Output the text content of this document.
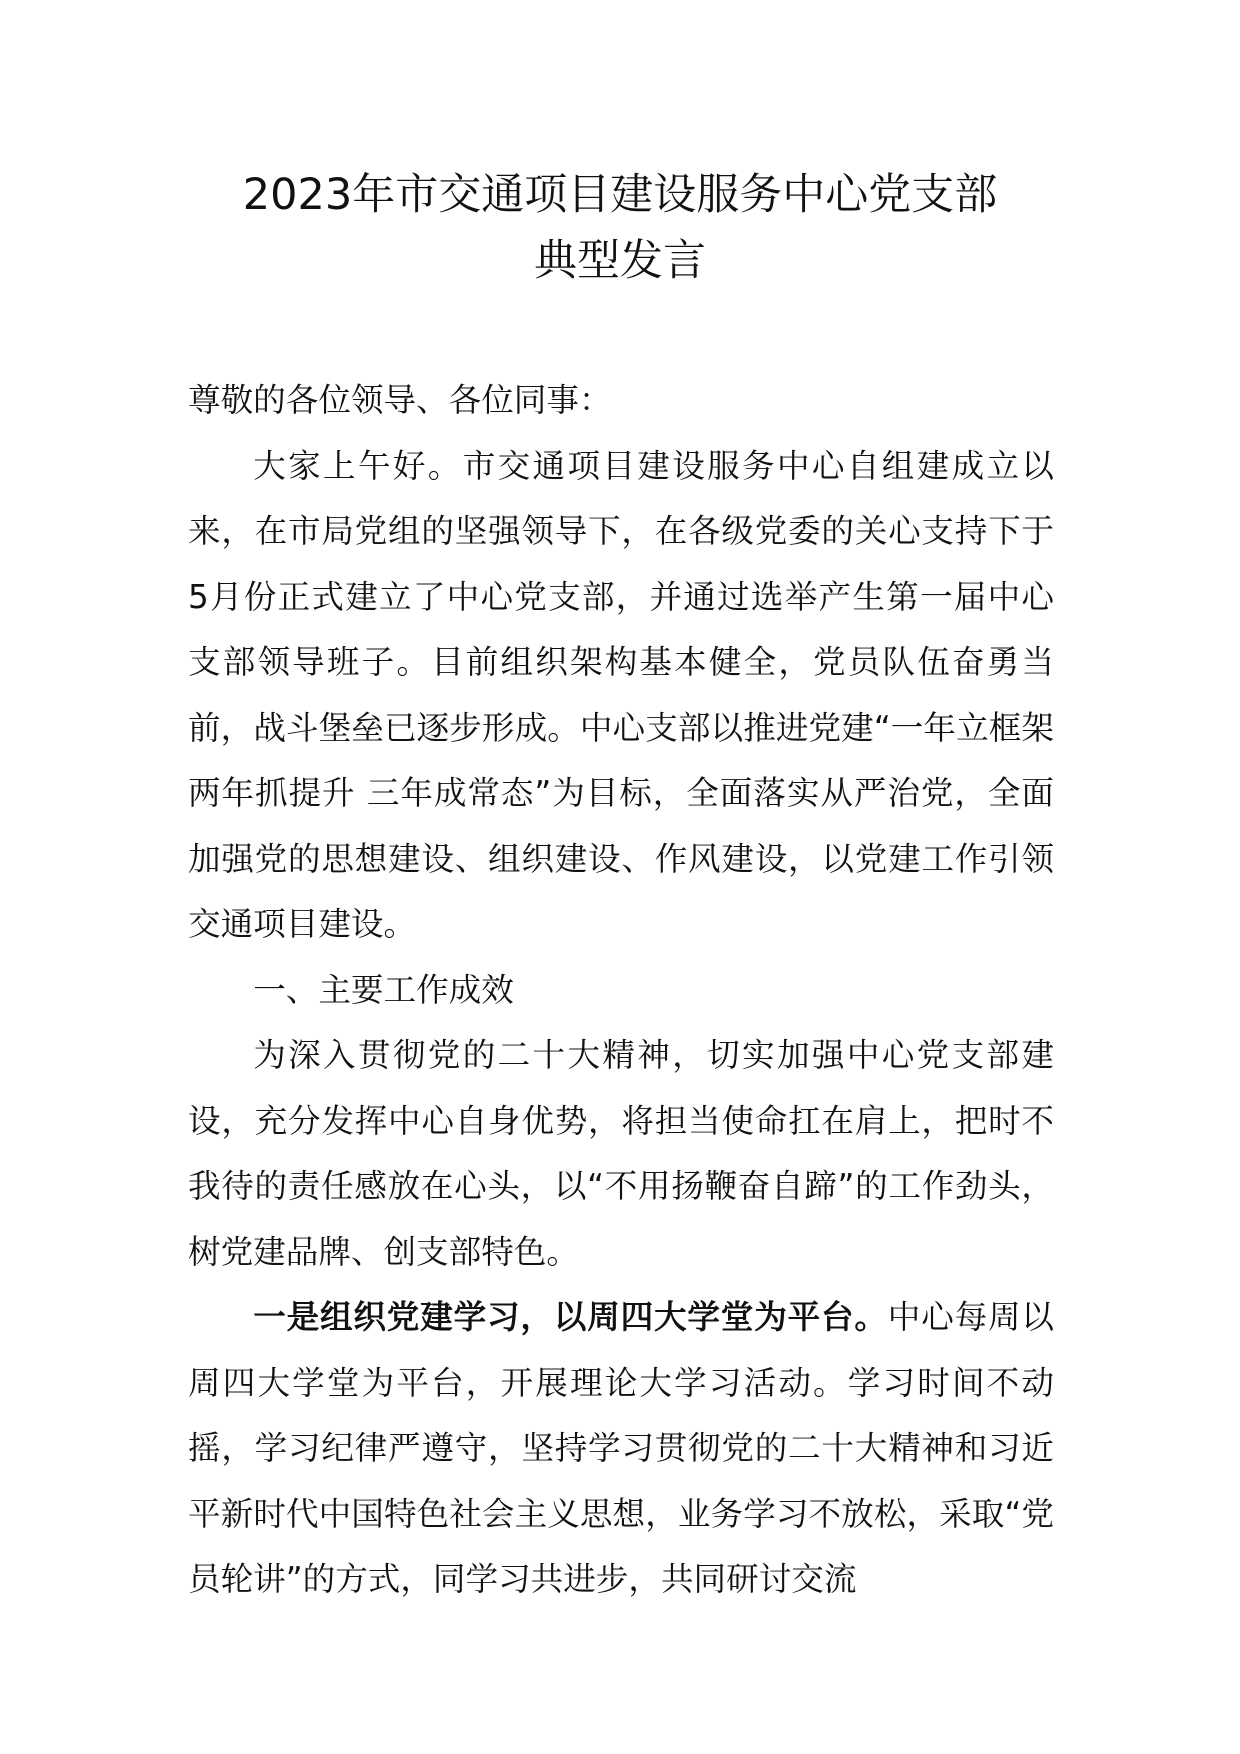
2023年市交通项目建设服务中心党支部
典型发言

尊敬的各位领导、各位同事：

大家上午好。市交通项目建设服务中心自组建成立以来，在市局党组的坚强领导下，在各级党委的关心支持下于5月份正式建立了中心党支部，并通过选举产生第一届中心支部领导班子。目前组织架构基本健全，党员队伍奋勇当前，战斗堡垒已逐步形成。中心支部以推进党建“一年立框架 两年抓提升 三年成常态”为目标，全面落实从严治党，全面加强党的思想建设、组织建设、作风建设，以党建工作引领交通项目建设。

一、主要工作成效

为深入贯彻党的二十大精神，切实加强中心党支部建设，充分发挥中心自身优势，将担当使命扛在肩上，把时不我待的责任感放在心头，以“不用扬鞭奋自蹄”的工作劲头，树党建品牌、创支部特色。

一是组织党建学习，以周四大学堂为平台。中心每周以周四大学堂为平台，开展理论大学习活动。学习时间不动摇，学习纪律严遵守，坚持学习贯彻党的二十大精神和习近平新时代中国特色社会主义思想，业务学习不放松，采取“党员轮讲”的方式，同学习共进步，共同研讨交流
